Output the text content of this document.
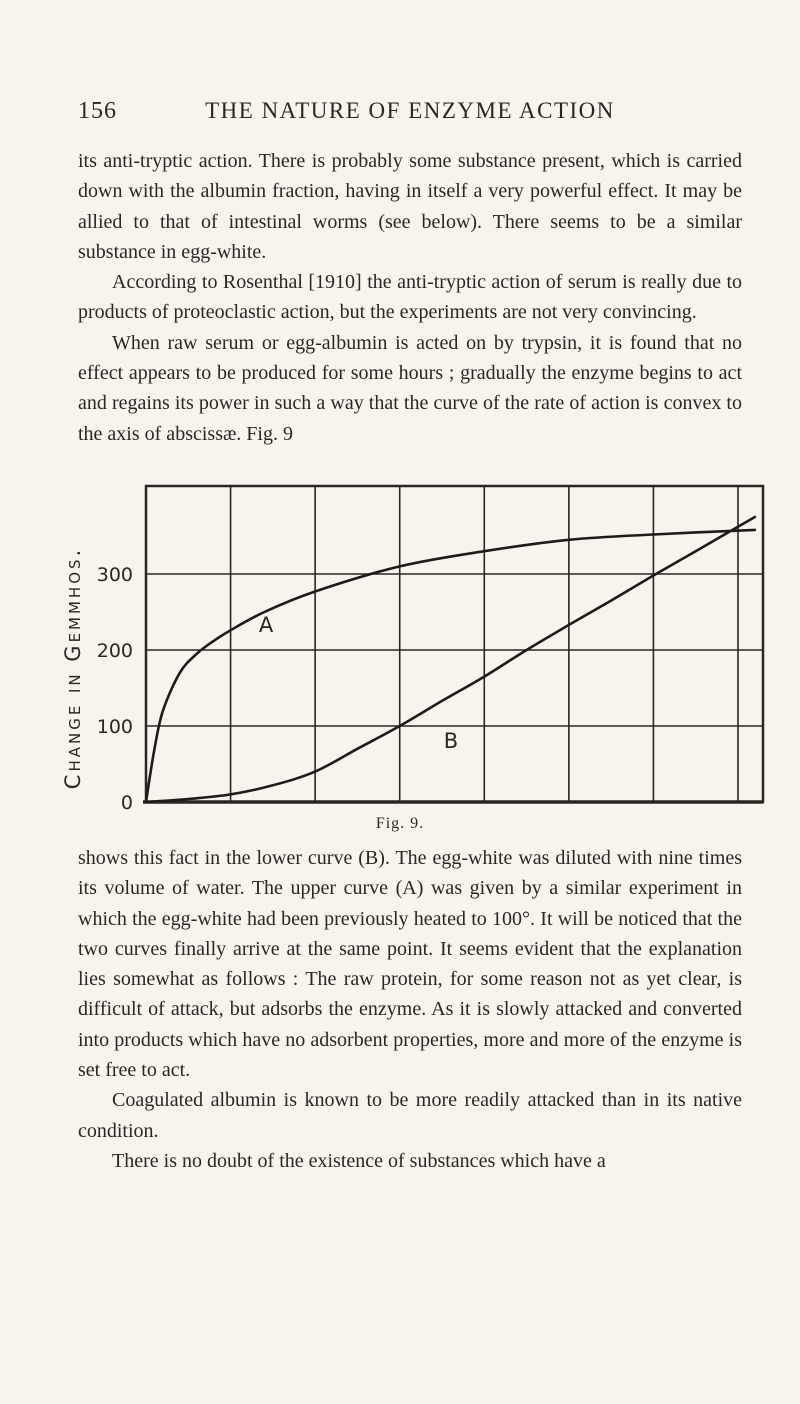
156	THE NATURE OF ENZYME ACTION

its anti-tryptic action. There is probably some substance present, which is carried down with the albumin fraction, having in itself a very powerful effect. It may be allied to that of intestinal worms (see below). There seems to be a similar substance in egg-white.

According to Rosenthal [1910] the anti-tryptic action of serum is really due to products of proteoclastic action, but the experiments are not very convincing.

When raw serum or egg-albumin is acted on by trypsin, it is found that no effect appears to be produced for some hours ; gradually the enzyme begins to act and regains its power in such a way that the curve of the rate of action is convex to the axis of abscissæ. Fig. 9

0
100
200
300
A
B
Change in Gemmhos.
Fig. 9.

shows this fact in the lower curve (B). The egg-white was diluted with nine times its volume of water. The upper curve (A) was given by a similar experiment in which the egg-white had been previously heated to 100°. It will be noticed that the two curves finally arrive at the same point. It seems evident that the explanation lies somewhat as follows : The raw protein, for some reason not as yet clear, is difficult of attack, but adsorbs the enzyme. As it is slowly attacked and converted into products which have no adsorbent properties, more and more of the enzyme is set free to act.

Coagulated albumin is known to be more readily attacked than in its native condition.

There is no doubt of the existence of substances which have a
